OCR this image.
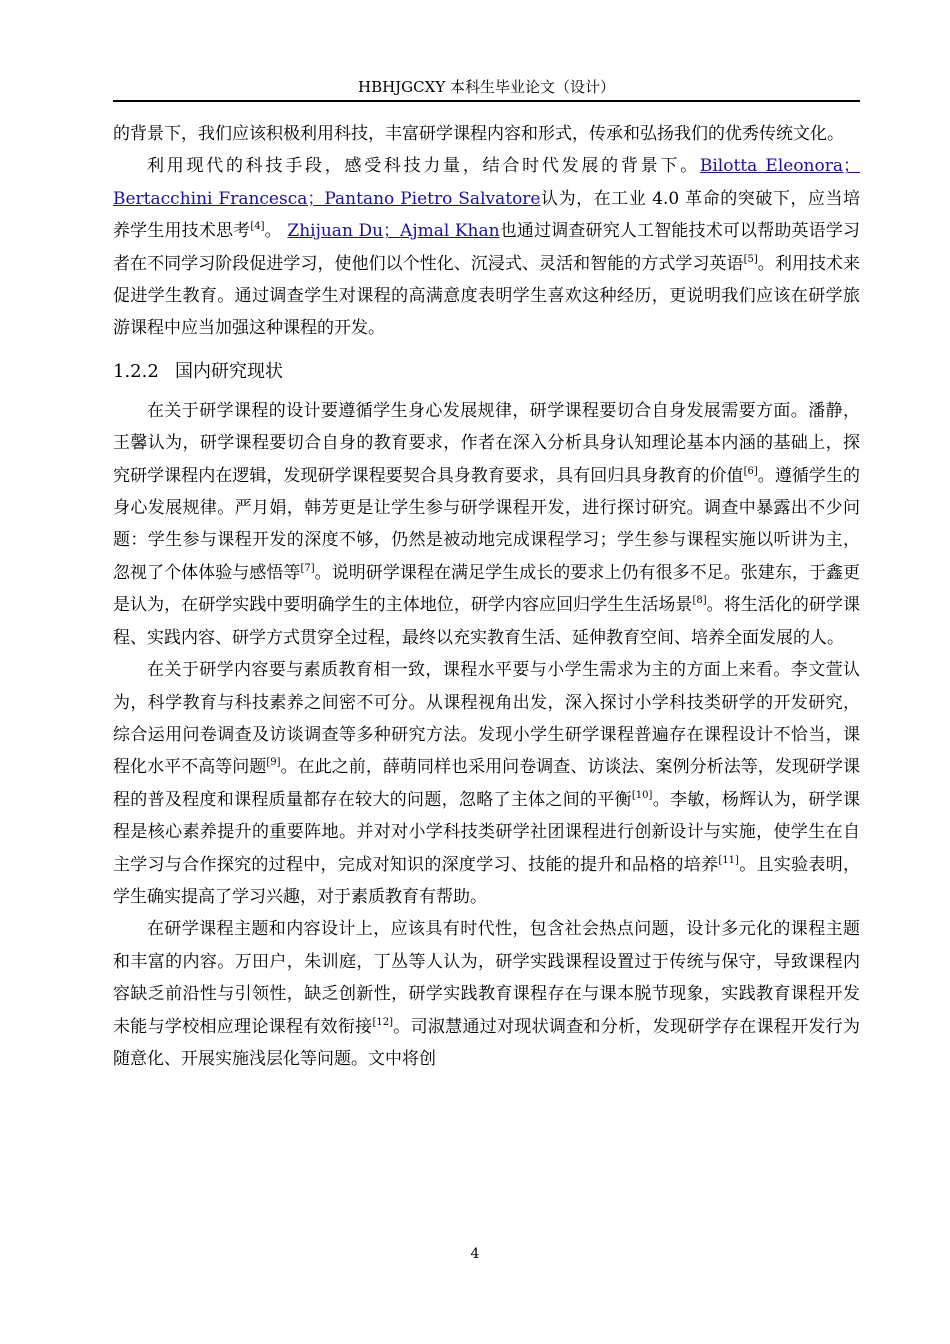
HBHJGCXY 本科生毕业论文（设计）

的背景下，我们应该积极利用科技，丰富研学课程内容和形式，传承和弘扬我们的优秀传统文化。

利用现代的科技手段，感受科技力量，结合时代发展的背景下。Bilotta Eleonora；Bertacchini Francesca；Pantano Pietro Salvatore认为，在工业 4.0 革命的突破下，应当培养学生用技术思考[4]。 Zhijuan Du；Ajmal Khan也通过调查研究人工智能技术可以帮助英语学习者在不同学习阶段促进学习，使他们以个性化、沉浸式、灵活和智能的方式学习英语[5]。利用技术来促进学生教育。通过调查学生对课程的高满意度表明学生喜欢这种经历，更说明我们应该在研学旅游课程中应当加强这种课程的开发。

1.2.2 国内研究现状

在关于研学课程的设计要遵循学生身心发展规律，研学课程要切合自身发展需要方面。潘静，王馨认为，研学课程要切合自身的教育要求，作者在深入分析具身认知理论基本内涵的基础上，探究研学课程内在逻辑，发现研学课程要契合具身教育要求，具有回归具身教育的价值[6]。遵循学生的身心发展规律。严月娟，韩芳更是让学生参与研学课程开发，进行探讨研究。调查中暴露出不少问题：学生参与课程开发的深度不够，仍然是被动地完成课程学习；学生参与课程实施以听讲为主，忽视了个体体验与感悟等[7]。说明研学课程在满足学生成长的要求上仍有很多不足。张建东，于鑫更是认为，在研学实践中要明确学生的主体地位，研学内容应回归学生生活场景[8]。将生活化的研学课程、实践内容、研学方式贯穿全过程，最终以充实教育生活、延伸教育空间、培养全面发展的人。

在关于研学内容要与素质教育相一致，课程水平要与小学生需求为主的方面上来看。李文萱认为，科学教育与科技素养之间密不可分。从课程视角出发，深入探讨小学科技类研学的开发研究，综合运用问卷调查及访谈调查等多种研究方法。发现小学生研学课程普遍存在课程设计不恰当，课程化水平不高等问题[9]。在此之前，薛萌同样也采用问卷调查、访谈法、案例分析法等，发现研学课程的普及程度和课程质量都存在较大的问题，忽略了主体之间的平衡[10]。李敏，杨辉认为，研学课程是核心素养提升的重要阵地。并对对小学科技类研学社团课程进行创新设计与实施，使学生在自主学习与合作探究的过程中，完成对知识的深度学习、技能的提升和品格的培养[11]。且实验表明，学生确实提高了学习兴趣，对于素质教育有帮助。

在研学课程主题和内容设计上，应该具有时代性，包含社会热点问题，设计多元化的课程主题和丰富的内容。万田户，朱训庭，丁丛等人认为，研学实践课程设置过于传统与保守，导致课程内容缺乏前沿性与引领性，缺乏创新性，研学实践教育课程存在与课本脱节现象，实践教育课程开发未能与学校相应理论课程有效衔接[12]。司淑慧通过对现状调查和分析，发现研学存在课程开发行为随意化、开展实施浅层化等问题。文中将创

4
